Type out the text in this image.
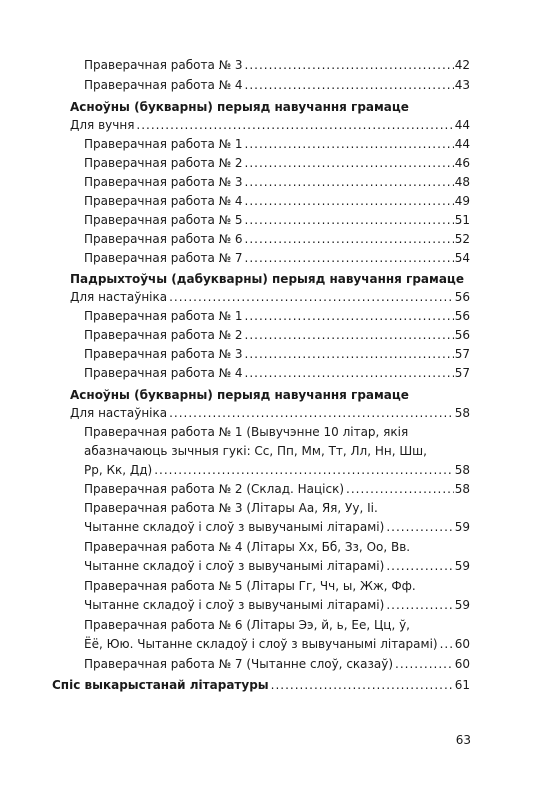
Праверачная работа № 3 .....	42
Праверачная работа № 4 .....	43
Асноўны (букварны) перыяд навучання грамаце
Для вучня .....	44
Праверачная работа № 1 .....	44
Праверачная работа № 2 .....	46
Праверачная работа № 3 .....	48
Праверачная работа № 4 .....	49
Праверачная работа № 5 .....	51
Праверачная работа № 6 .....	52
Праверачная работа № 7 .....	54
Падрыхтоўчы (дабукварны) перыяд навучання грамаце
Для настаўніка .....	56
Праверачная работа № 1 .....	56
Праверачная работа № 2 .....	56
Праверачная работа № 3 .....	57
Праверачная работа № 4 .....	57
Асноўны (букварны) перыяд навучання грамаце
Для настаўніка .....	58
Праверачная работа № 1 (Вывучэнне 10 літар, якія
абазначаюць зычныя гукі: Сс, Пп, Мм, Тт, Лл, Нн, Шш,
Рр, Кк, Дд) .....	58
Праверачная работа № 2 (Склад. Націск) .....	58
Праверачная работа № 3 (Літары Аа, Яя, Уу, Іі.
Чытанне складоў і слоў з вывучанымі літарамі) .....	59
Праверачная работа № 4 (Літары Хх, Бб, Зз, Оо, Вв.
Чытанне складоў і слоў з вывучанымі літарамі) .....	59
Праверачная работа № 5 (Літары Гг, Чч, ы, Жж, Фф.
Чытанне складоў і слоў з вывучанымі літарамі) .....	59
Праверачная работа № 6 (Літары Ээ, й, ь, Ее, Цц, ў,
Ёё, Юю. Чытанне складоў і слоў з вывучанымі літарамі) ..... 60
Праверачная работа № 7 (Чытанне слоў, сказаў) .....	60
Спіс выкарыстанай літаратуры .....	61
63
